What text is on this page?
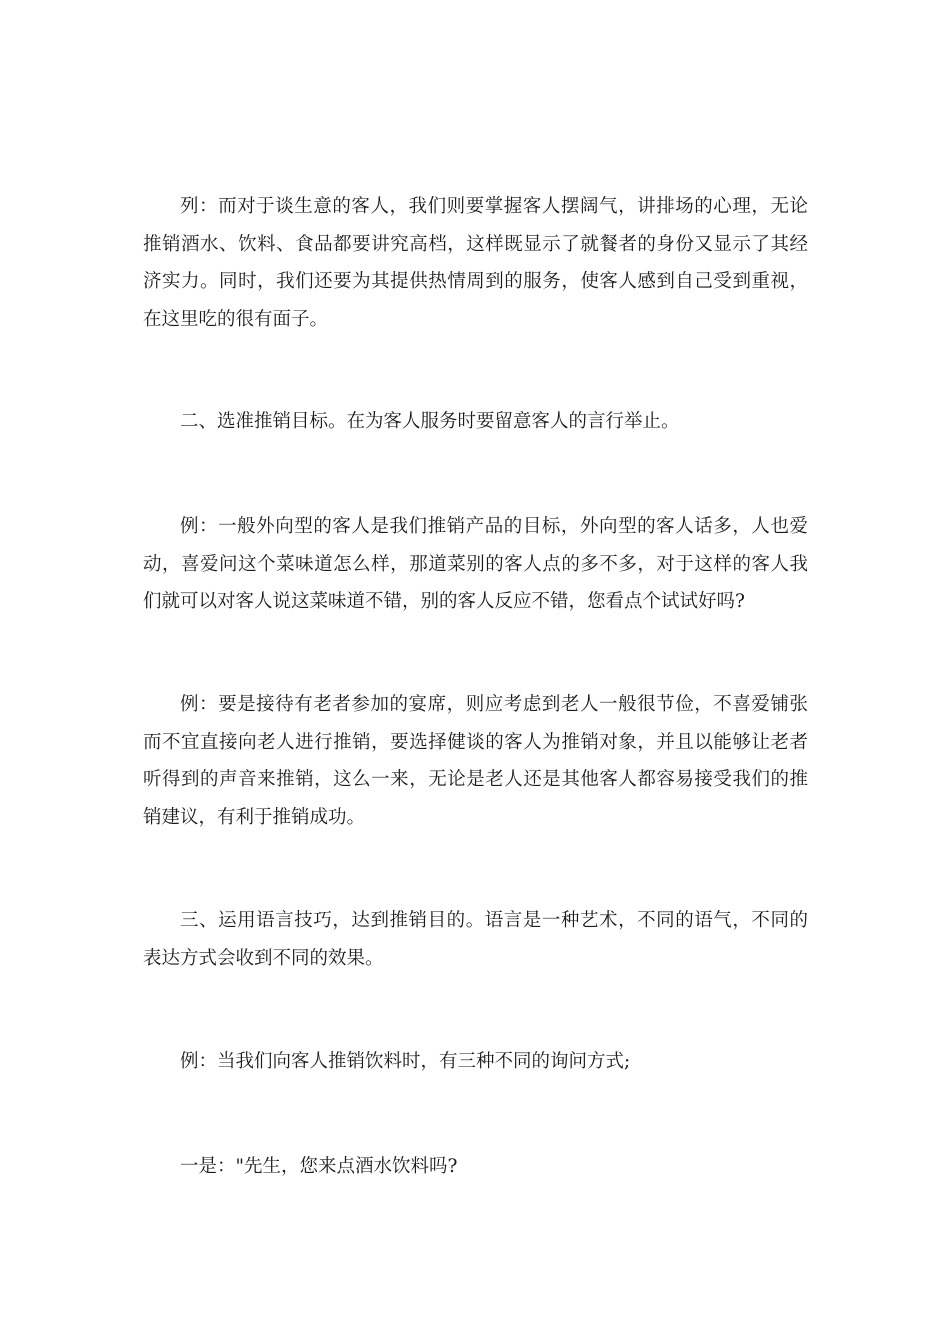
列：而对于谈生意的客人，我们则要掌握客人摆阔气，讲排场的心理，无论推销酒水、饮料、食品都要讲究高档，这样既显示了就餐者的身份又显示了其经济实力。同时，我们还要为其提供热情周到的服务，使客人感到自己受到重视，在这里吃的很有面子。

二、选准推销目标。在为客人服务时要留意客人的言行举止。

例：一般外向型的客人是我们推销产品的目标，外向型的客人话多，人也爱动，喜爱问这个菜味道怎么样，那道菜别的客人点的多不多，对于这样的客人我们就可以对客人说这菜味道不错，别的客人反应不错，您看点个试试好吗?

例：要是接待有老者参加的宴席，则应考虑到老人一般很节俭，不喜爱铺张而不宜直接向老人进行推销，要选择健谈的客人为推销对象，并且以能够让老者听得到的声音来推销，这么一来，无论是老人还是其他客人都容易接受我们的推销建议，有利于推销成功。

三、运用语言技巧，达到推销目的。语言是一种艺术，不同的语气，不同的表达方式会收到不同的效果。

例：当我们向客人推销饮料时，有三种不同的询问方式;

一是："先生，您来点酒水饮料吗?
